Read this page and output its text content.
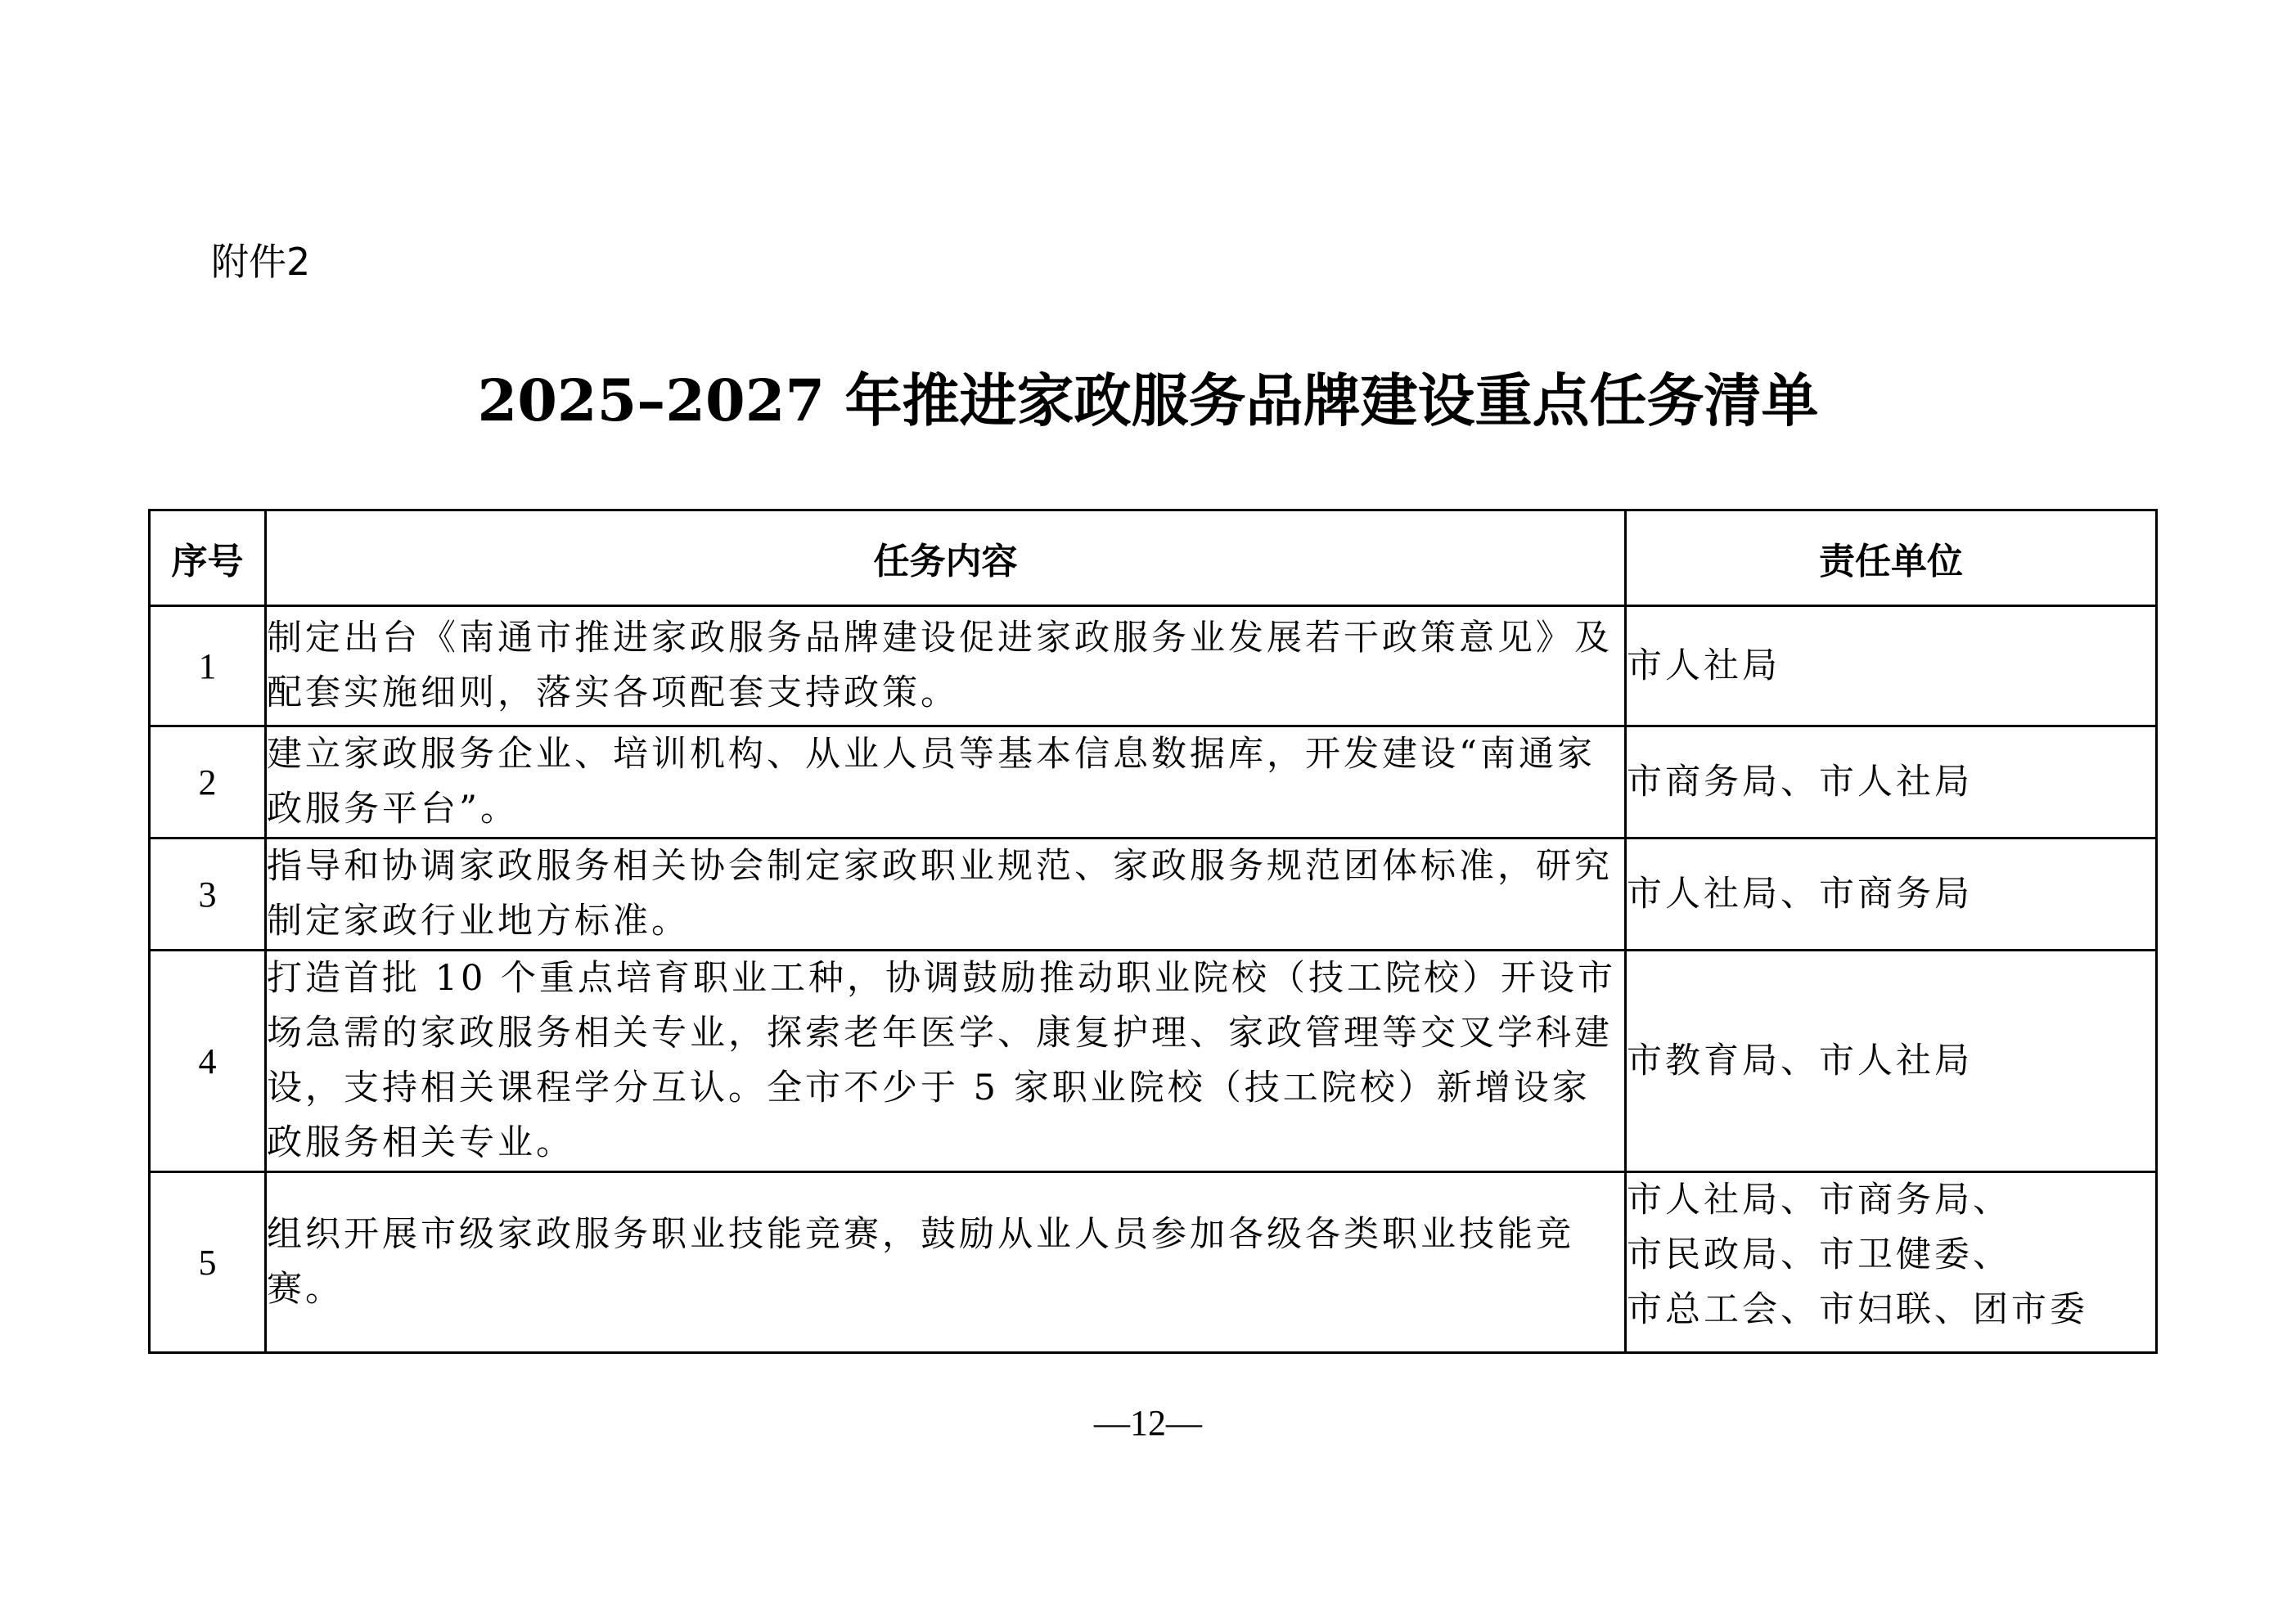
附件2
2025–2027 年推进家政服务品牌建设重点任务清单
序号	任务内容	责任单位
1	制定出台《南通市推进家政服务品牌建设促进家政服务业发展若干政策意见》及配套实施细则，落实各项配套支持政策。	市人社局
2	建立家政服务企业、培训机构、从业人员等基本信息数据库，开发建设“南通家政服务平台”。	市商务局、市人社局
3	指导和协调家政服务相关协会制定家政职业规范、家政服务规范团体标准，研究制定家政行业地方标准。	市人社局、市商务局
4	打造首批 10 个重点培育职业工种，协调鼓励推动职业院校（技工院校）开设市场急需的家政服务相关专业，探索老年医学、康复护理、家政管理等交叉学科建设，支持相关课程学分互认。全市不少于 5 家职业院校（技工院校）新增设家政服务相关专业。	市教育局、市人社局
5	组织开展市级家政服务职业技能竞赛，鼓励从业人员参加各级各类职业技能竞赛。	市人社局、市商务局、
市民政局、市卫健委、
市总工会、市妇联、团市委
—12—
